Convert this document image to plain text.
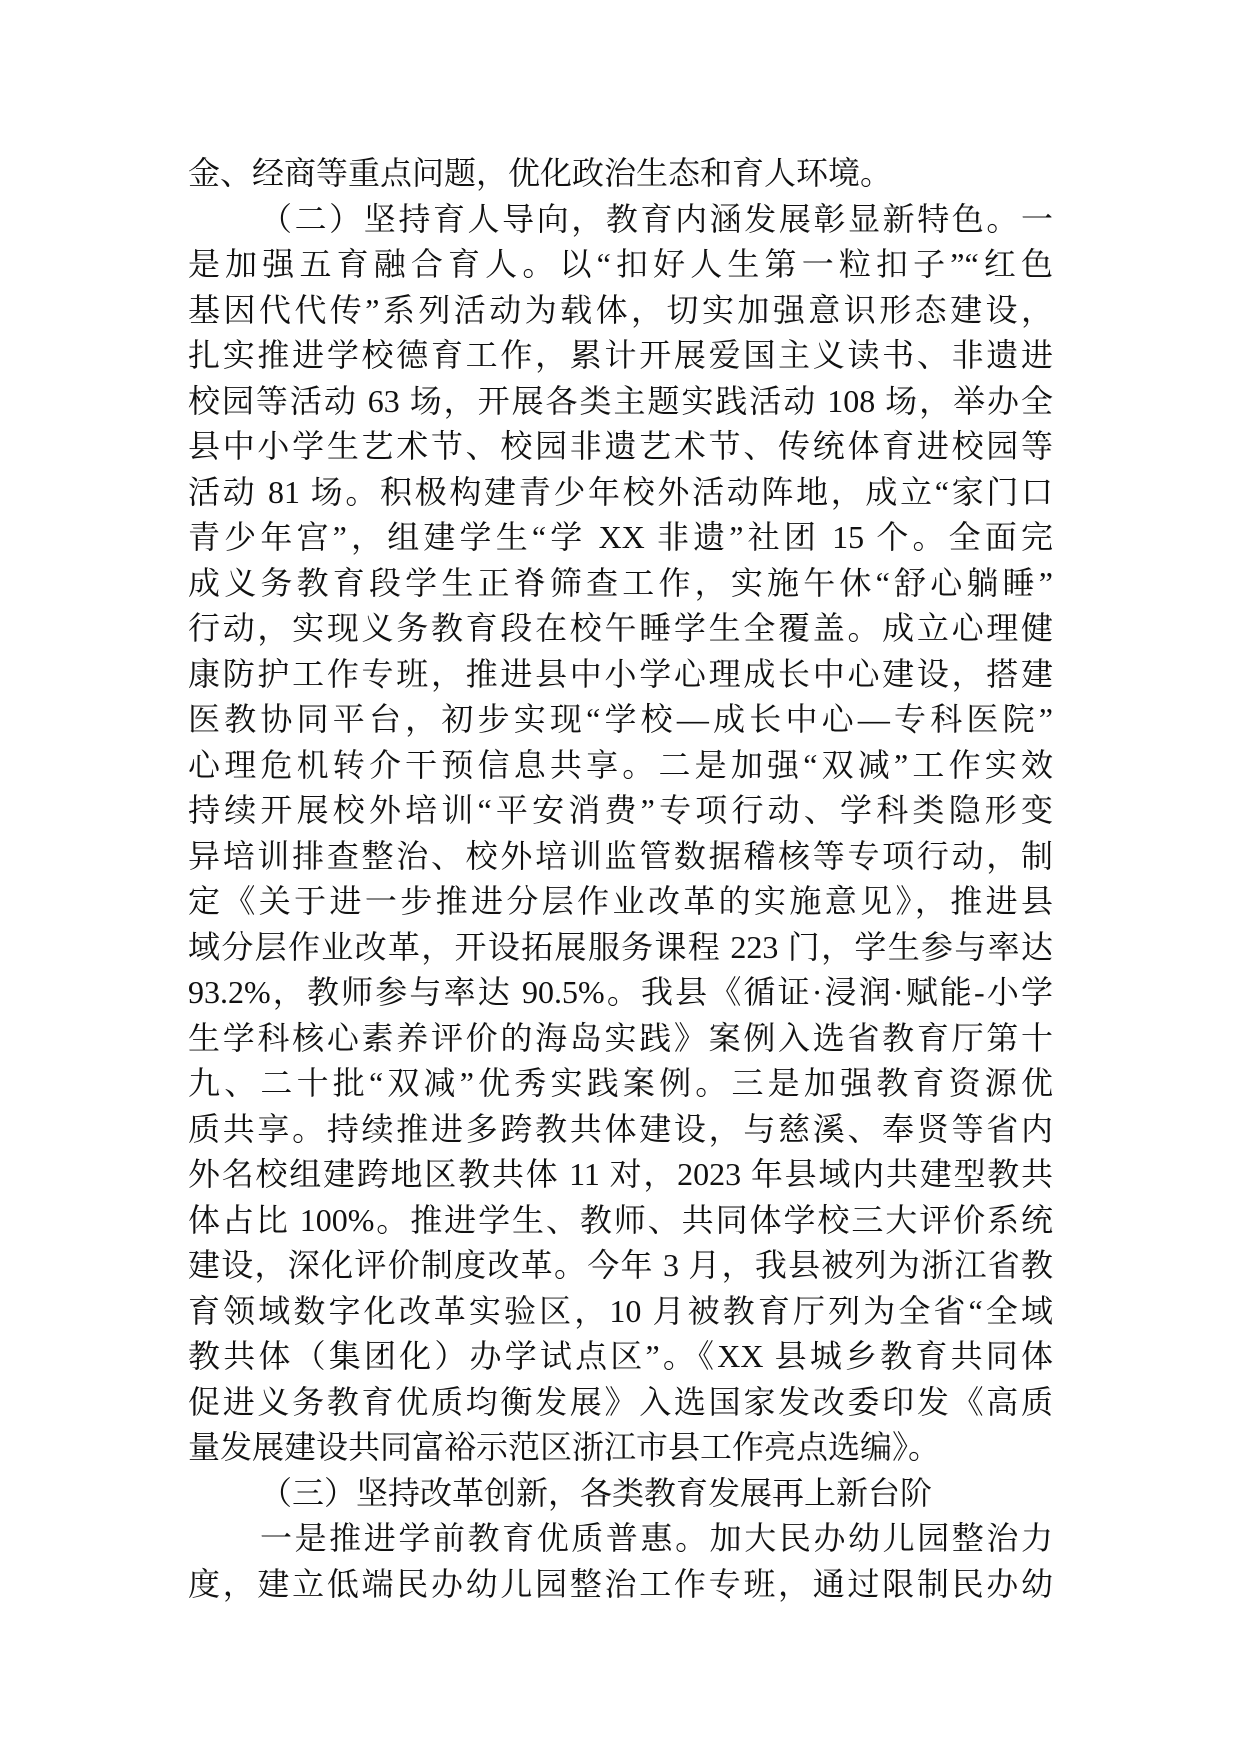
金、经商等重点问题，优化政治生态和育人环境。
（二）坚持育人导向，教育内涵发展彰显新特色。一
是加强五育融合育人。以“扣好人生第一粒扣子”“红色
基因代代传”系列活动为载体，切实加强意识形态建设，
扎实推进学校德育工作，累计开展爱国主义读书、非遗进
校园等活动 63 场，开展各类主题实践活动 108 场，举办全
县中小学生艺术节、校园非遗艺术节、传统体育进校园等
活动 81 场。积极构建青少年校外活动阵地，成立“家门口
青少年宫”，组建学生“学 XX 非遗”社团 15 个。全面完
成义务教育段学生正脊筛查工作，实施午休“舒心躺睡”
行动，实现义务教育段在校午睡学生全覆盖。成立心理健
康防护工作专班，推进县中小学心理成长中心建设，搭建
医教协同平台，初步实现“学校—成长中心—专科医院”
心理危机转介干预信息共享。二是加强“双减”工作实效
持续开展校外培训“平安消费”专项行动、学科类隐形变
异培训排查整治、校外培训监管数据稽核等专项行动，制
定《关于进一步推进分层作业改革的实施意见》，推进县
域分层作业改革，开设拓展服务课程 223 门，学生参与率达
93.2%，教师参与率达 90.5%。我县《循证·浸润·赋能-小学
生学科核心素养评价的海岛实践》案例入选省教育厅第十
九、二十批“双减”优秀实践案例。三是加强教育资源优
质共享。持续推进多跨教共体建设，与慈溪、奉贤等省内
外名校组建跨地区教共体 11 对，2023 年县域内共建型教共
体占比 100%。推进学生、教师、共同体学校三大评价系统
建设，深化评价制度改革。今年 3 月，我县被列为浙江省教
育领域数字化改革实验区，10 月被教育厅列为全省“全域
教共体（集团化）办学试点区”。《XX 县城乡教育共同体
促进义务教育优质均衡发展》入选国家发改委印发《高质
量发展建设共同富裕示范区浙江市县工作亮点选编》。
（三）坚持改革创新，各类教育发展再上新台阶
一是推进学前教育优质普惠。加大民办幼儿园整治力
度，建立低端民办幼儿园整治工作专班，通过限制民办幼
